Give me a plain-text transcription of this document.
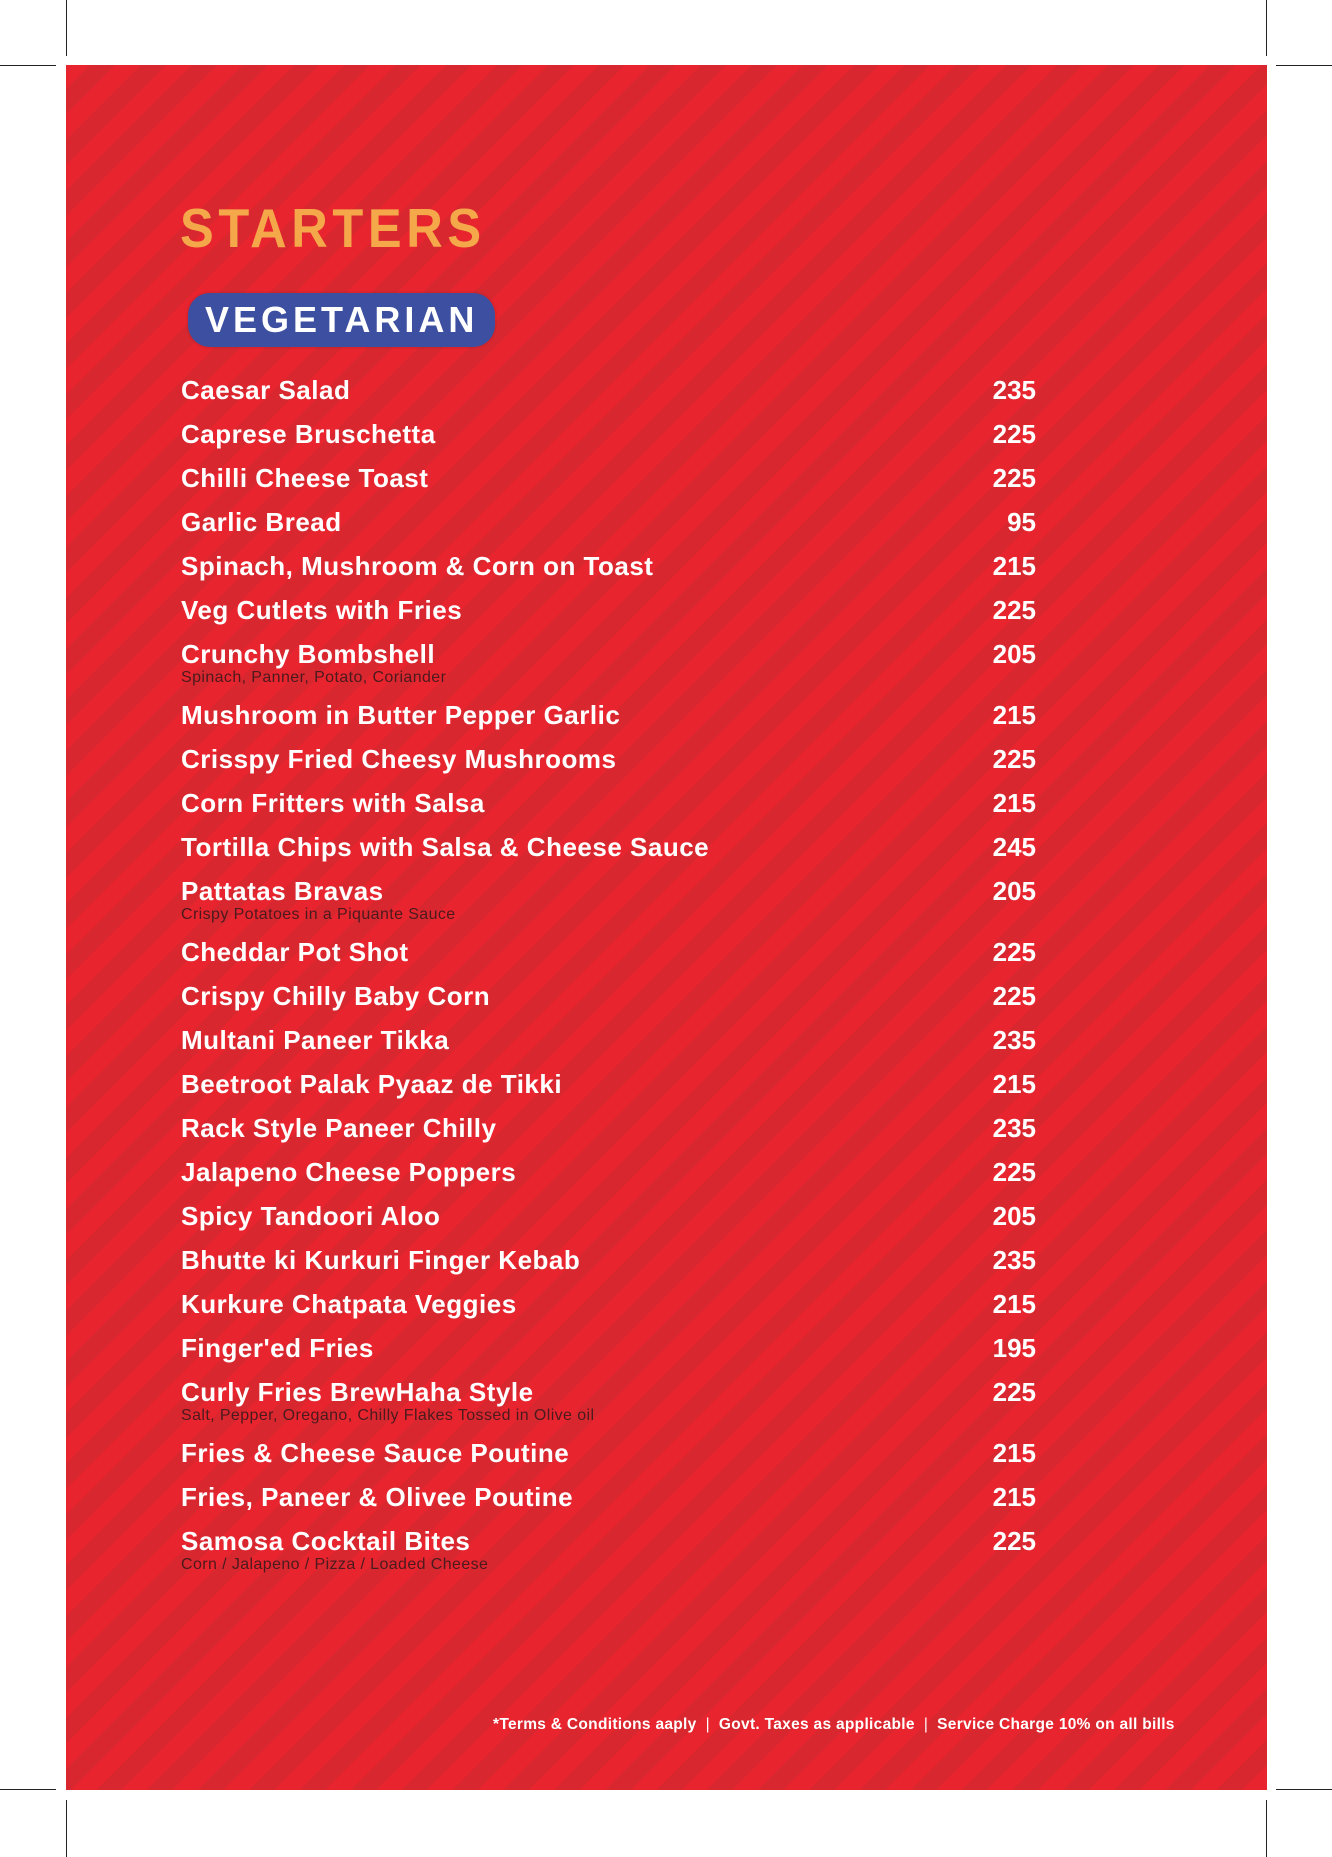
STARTERS
VEGETARIAN
Caesar Salad	235
Caprese Bruschetta	225
Chilli Cheese Toast	225
Garlic Bread	95
Spinach, Mushroom & Corn on Toast	215
Veg Cutlets with Fries	225
Crunchy Bombshell	205
Spinach, Panner, Potato, Coriander
Mushroom in Butter Pepper Garlic	215
Crisspy Fried Cheesy Mushrooms	225
Corn Fritters with Salsa	215
Tortilla Chips with Salsa & Cheese Sauce	245
Pattatas Bravas	205
Crispy Potatoes in a Piquante Sauce
Cheddar Pot Shot	225
Crispy Chilly Baby Corn	225
Multani Paneer Tikka	235
Beetroot Palak Pyaaz de Tikki	215
Rack Style Paneer Chilly	235
Jalapeno Cheese Poppers	225
Spicy Tandoori Aloo	205
Bhutte ki Kurkuri Finger Kebab	235
Kurkure Chatpata Veggies	215
Finger'ed Fries	195
Curly Fries BrewHaha Style	225
Salt, Pepper, Oregano, Chilly Flakes Tossed in Olive oil
Fries & Cheese Sauce Poutine	215
Fries, Paneer & Olivee Poutine	215
Samosa Cocktail Bites	225
Corn / Jalapeno / Pizza / Loaded Cheese
*Terms & Conditions aaply | Govt. Taxes as applicable | Service Charge 10% on all bills
